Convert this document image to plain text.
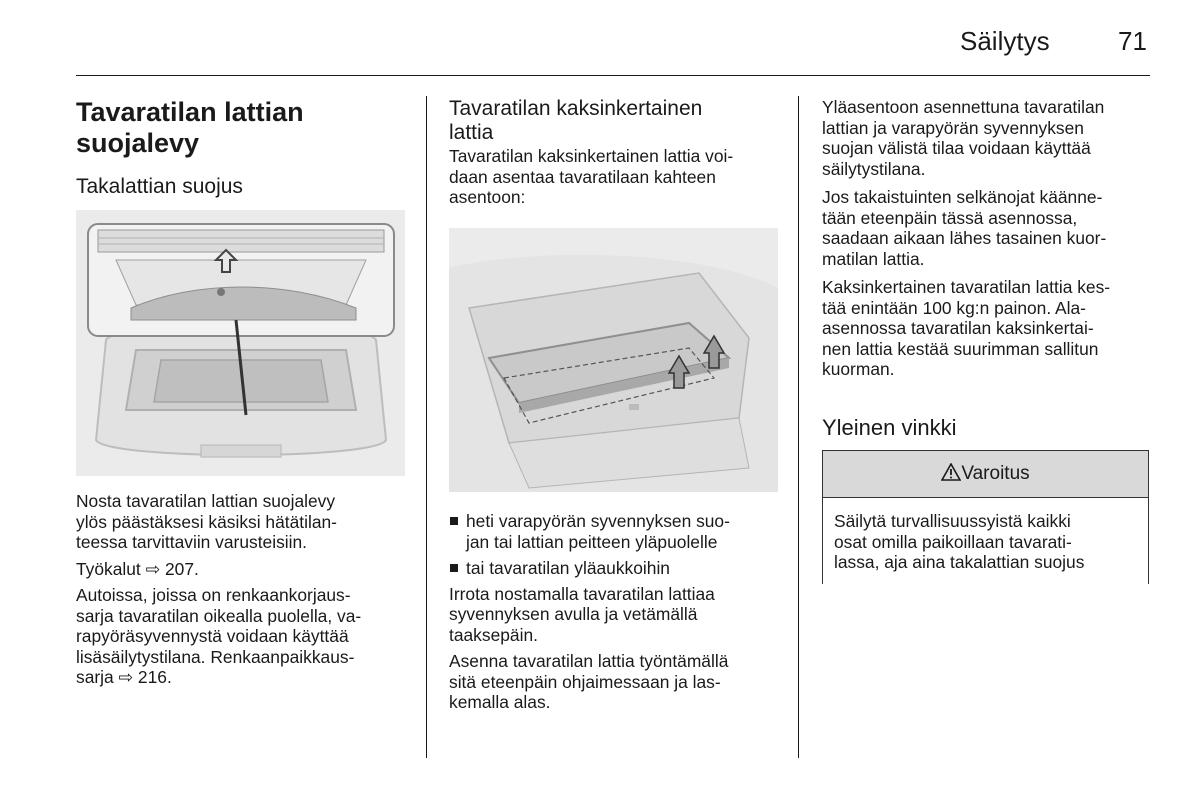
Säilytys	71
Tavaratilan lattian suojalevy
Takalattian suojus

Nosta tavaratilan lattian suojalevy
ylös päästäksesi käsiksi hätätilan-
teessa tarvittaviin varusteisiin.

Työkalut ⇨ 207.

Autoissa, joissa on renkaankorjaus-
sarja tavaratilan oikealla puolella, va-
rapyöräsyvennystä voidaan käyttää
lisäsäilytystilana. Renkaanpaikkaus-
sarja ⇨ 216.

Tavaratilan kaksinkertainen
lattia

Tavaratilan kaksinkertainen lattia voi-
daan asentaa tavaratilaan kahteen
asentoon:

heti varapyörän syvennyksen suo-
jan tai lattian peitteen yläpuolelle
tai tavaratilan yläaukkoihin

Irrota nostamalla tavaratilan lattiaa
syvennyksen avulla ja vetämällä
taaksepäin.

Asenna tavaratilan lattia työntämällä
sitä eteenpäin ohjaimessaan ja las-
kemalla alas.

Yläasentoon asennettuna tavaratilan
lattian ja varapyörän syvennyksen
suojan välistä tilaa voidaan käyttää
säilytystilana.

Jos takaistuinten selkänojat käänne-
tään eteenpäin tässä asennossa,
saadaan aikaan lähes tasainen kuor-
matilan lattia.

Kaksinkertainen tavaratilan lattia kes-
tää enintään 100 kg:n painon. Ala-
asennossa tavaratilan kaksinkertai-
nen lattia kestää suurimman sallitun
kuorman.

Yleinen vinkki
Varoitus

Säilytä turvallisuussyistä kaikki
osat omilla paikoillaan tavarati-
lassa, aja aina takalattian suojus
